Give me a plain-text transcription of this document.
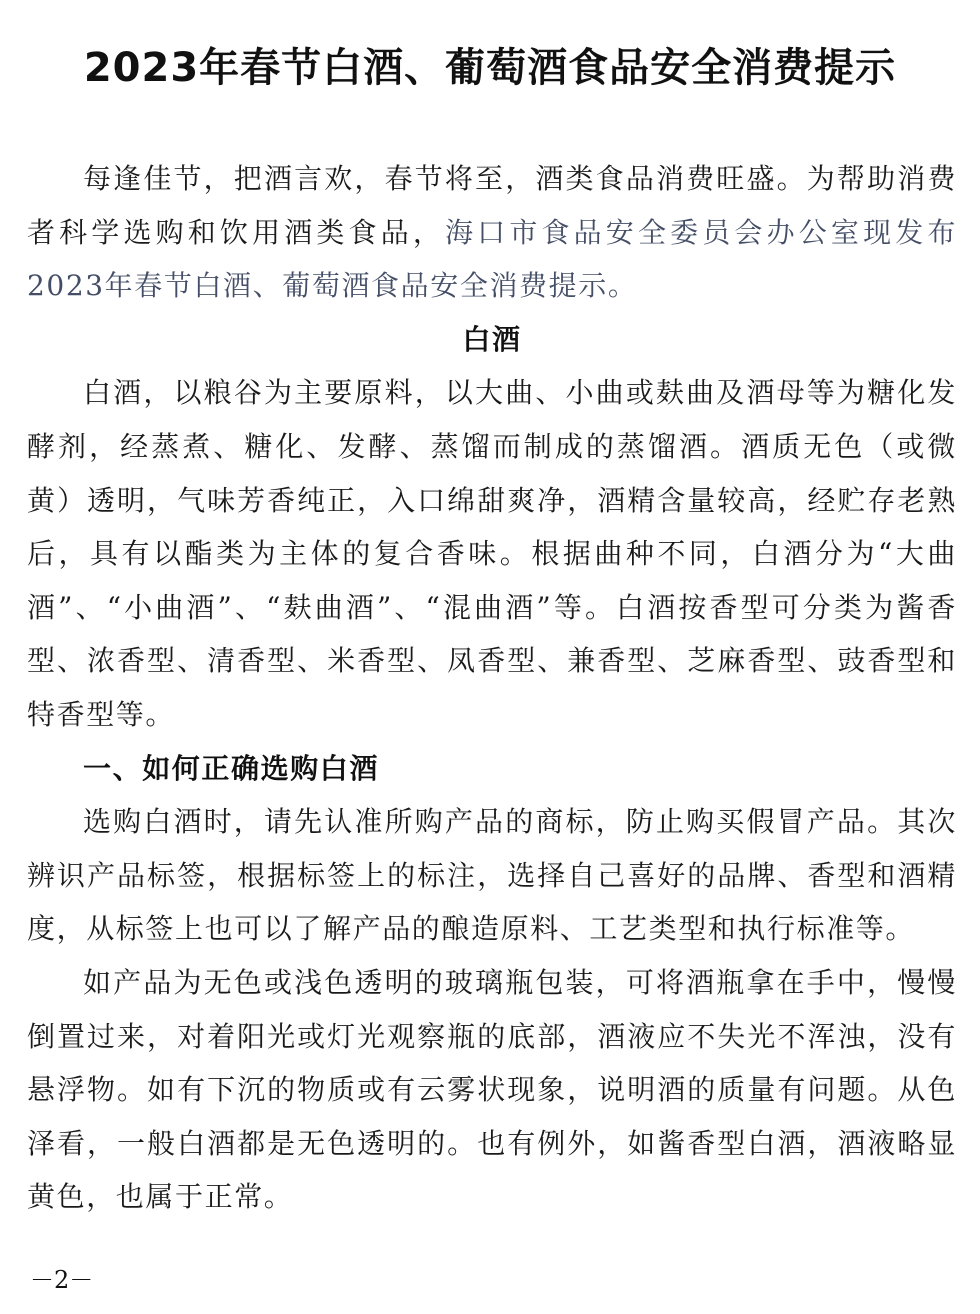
2023年春节白酒、葡萄酒食品安全消费提示

每逢佳节，把酒言欢，春节将至，酒类食品消费旺盛。为帮助消费者科学选购和饮用酒类食品，海口市食品安全委员会办公室现发布2023年春节白酒、葡萄酒食品安全消费提示。

白酒

白酒，以粮谷为主要原料，以大曲、小曲或麸曲及酒母等为糖化发酵剂，经蒸煮、糖化、发酵、蒸馏而制成的蒸馏酒。酒质无色（或微黄）透明，气味芳香纯正，入口绵甜爽净，酒精含量较高，经贮存老熟后，具有以酯类为主体的复合香味。根据曲种不同，白酒分为“大曲酒”、“小曲酒”、“麸曲酒”、“混曲酒”等。白酒按香型可分类为酱香型、浓香型、清香型、米香型、凤香型、兼香型、芝麻香型、豉香型和特香型等。

一、如何正确选购白酒

选购白酒时，请先认准所购产品的商标，防止购买假冒产品。其次辨识产品标签，根据标签上的标注，选择自己喜好的品牌、香型和酒精度，从标签上也可以了解产品的酿造原料、工艺类型和执行标准等。

如产品为无色或浅色透明的玻璃瓶包装，可将酒瓶拿在手中，慢慢倒置过来，对着阳光或灯光观察瓶的底部，酒液应不失光不浑浊，没有悬浮物。如有下沉的物质或有云雾状现象，说明酒的质量有问题。从色泽看，一般白酒都是无色透明的。也有例外，如酱香型白酒，酒液略显黄色，也属于正常。

－2－
